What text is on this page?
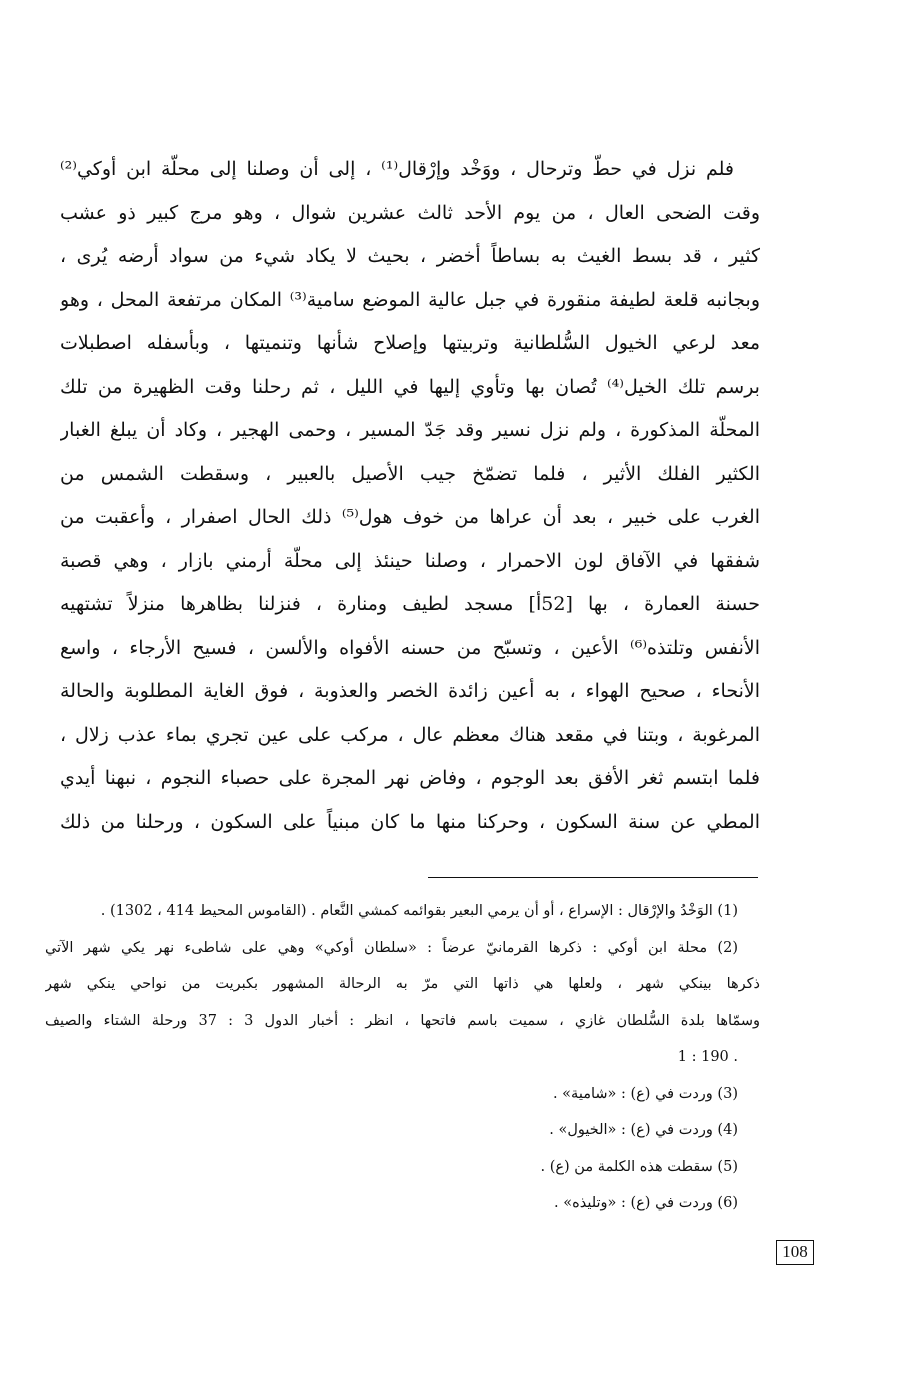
فلم نزل في حطّ وترحال ، ووَخْد وإرْقال⁽¹⁾ ، إلى أن وصلنا إلى محلّة ابن أوكي⁽²⁾
وقت الضحى العال ، من يوم الأحد ثالث عشرين شوال ، وهو مرج كبير ذو عشب
كثير ، قد بسط الغيث به بساطاً أخضر ، بحيث لا يكاد شيء من سواد أرضه يُرى ،
وبجانبه قلعة لطيفة منقورة في جبل عالية الموضع سامية⁽³⁾ المكان مرتفعة المحل ، وهو
معد لرعي الخيول السُّلطانية وتربيتها وإصلاح شأنها وتنميتها ، وبأسفله اصطبلات
برسم تلك الخيل⁽⁴⁾ تُصان بها وتأوي إليها في الليل ، ثم رحلنا وقت الظهيرة من تلك
المحلّة المذكورة ، ولم نزل نسير وقد جَدّ المسير ، وحمى الهجير ، وكاد أن يبلغ الغبار
الكثير الفلك الأثير ، فلما تضمّخ جيب الأصيل بالعبير ، وسقطت الشمس من
الغرب على خبير ، بعد أن عراها من خوف هول⁽⁵⁾ ذلك الحال اصفرار ، وأعقبت من
شفقها في الآفاق لون الاحمرار ، وصلنا حينئذ إلى محلّة أرمني بازار ، وهي قصبة
حسنة العمارة ، بها [52أ] مسجد لطيف ومنارة ، فنزلنا بظاهرها منزلاً تشتهيه
الأنفس وتلتذه⁽⁶⁾ الأعين ، وتسبّح من حسنه الأفواه والألسن ، فسيح الأرجاء ، واسع
الأنحاء ، صحيح الهواء ، به أعين زائدة الخصر والعذوبة ، فوق الغاية المطلوبة والحالة
المرغوبة ، وبتنا في مقعد هناك معظم عال ، مركب على عين تجري بماء عذب زلال ،
فلما ابتسم ثغر الأفق بعد الوجوم ، وفاض نهر المجرة على حصباء النجوم ، نبهنا أيدي
المطي عن سنة السكون ، وحركنا منها ما كان مبنياً على السكون ، ورحلنا من ذلك
(1) الوَخْدُ والإرْقال : الإسراع ، أو أن يرمي البعير بقوائمه كمشي النَّعام . (القاموس المحيط 414 ، 1302) .
(2) محلة ابن أوكي : ذكرها القرمانيّ عرضاً : «سلطان أوكي» وهي على شاطىء نهر يكي شهر الآتي
ذكرها بينكي شهر ، ولعلها هي ذاتها التي مرّ به الرحالة المشهور بكبريت من نواحي ينكي شهر
وسمّاها بلدة السُّلطان غازي ، سميت باسم فاتحها ، انظر : أخبار الدول 3 : 37 ورحلة الشتاء والصيف
. 190 : 1
(3) وردت في (ع) : «شامية» .
(4) وردت في (ع) : «الخيول» .
(5) سقطت هذه الكلمة من (ع) .
(6) وردت في (ع) : «وتليذه» .
108
